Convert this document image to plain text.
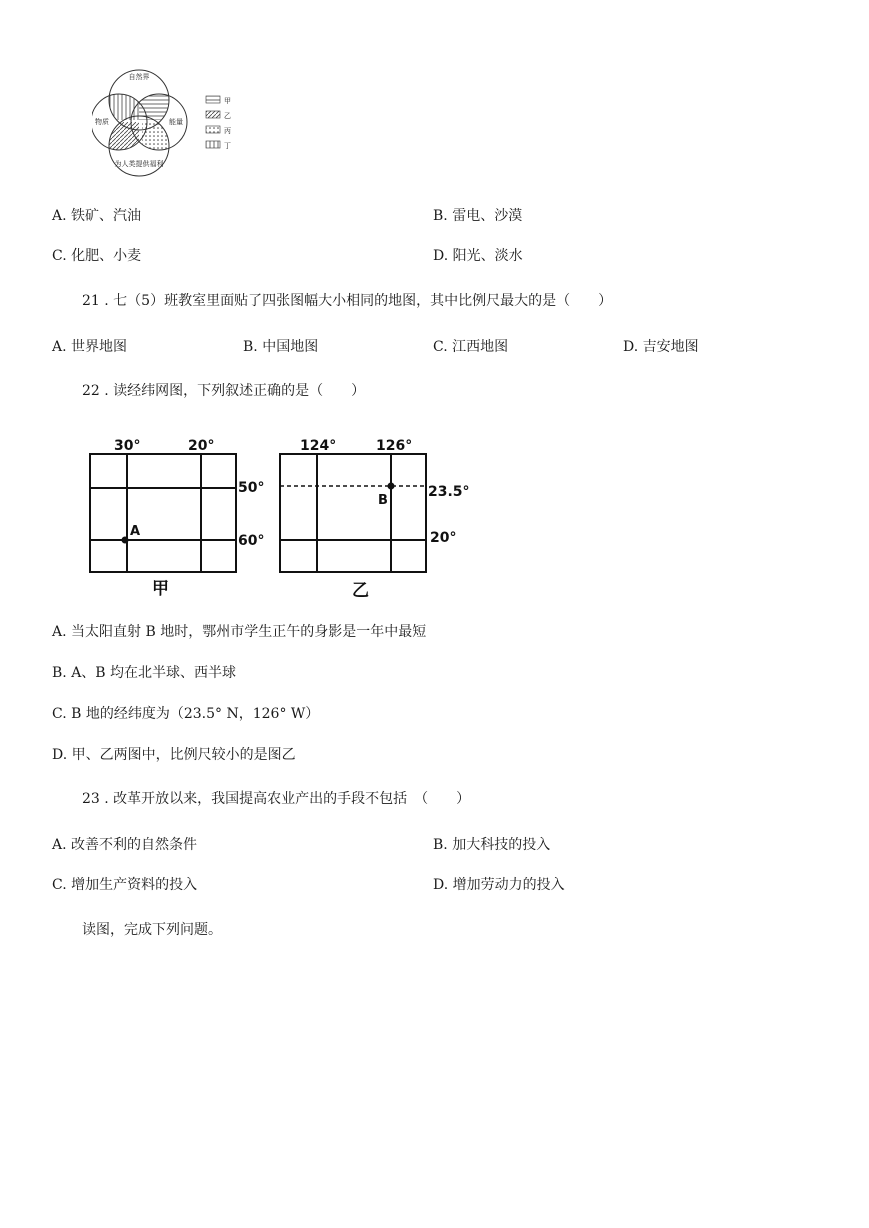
自然界
物质	能量
为人类提供福利
甲
乙
丙
丁
A. 铁矿、汽油	B. 雷电、沙漠
C. 化肥、小麦	D. 阳光、淡水
21 . 七（5）班教室里面贴了四张图幅大小相同的地图，其中比例尺最大的是（　　）
A. 世界地图	B. 中国地图	C. 江西地图	D. 吉安地图
22 . 读经纬网图，下列叙述正确的是（　　）
30°	20°
50°
60°
A
甲
124°	126°
23.5°
20°
B
乙
A. 当太阳直射 B 地时，鄂州市学生正午的身影是一年中最短
B. A、B 均在北半球、西半球
C. B 地的经纬度为（23.5° N，126° W）
D. 甲、乙两图中，比例尺较小的是图乙
23 . 改革开放以来，我国提高农业产出的手段不包括　（　　）
A. 改善不利的自然条件	B. 加大科技的投入
C. 增加生产资料的投入	D. 增加劳动力的投入
读图，完成下列问题。
